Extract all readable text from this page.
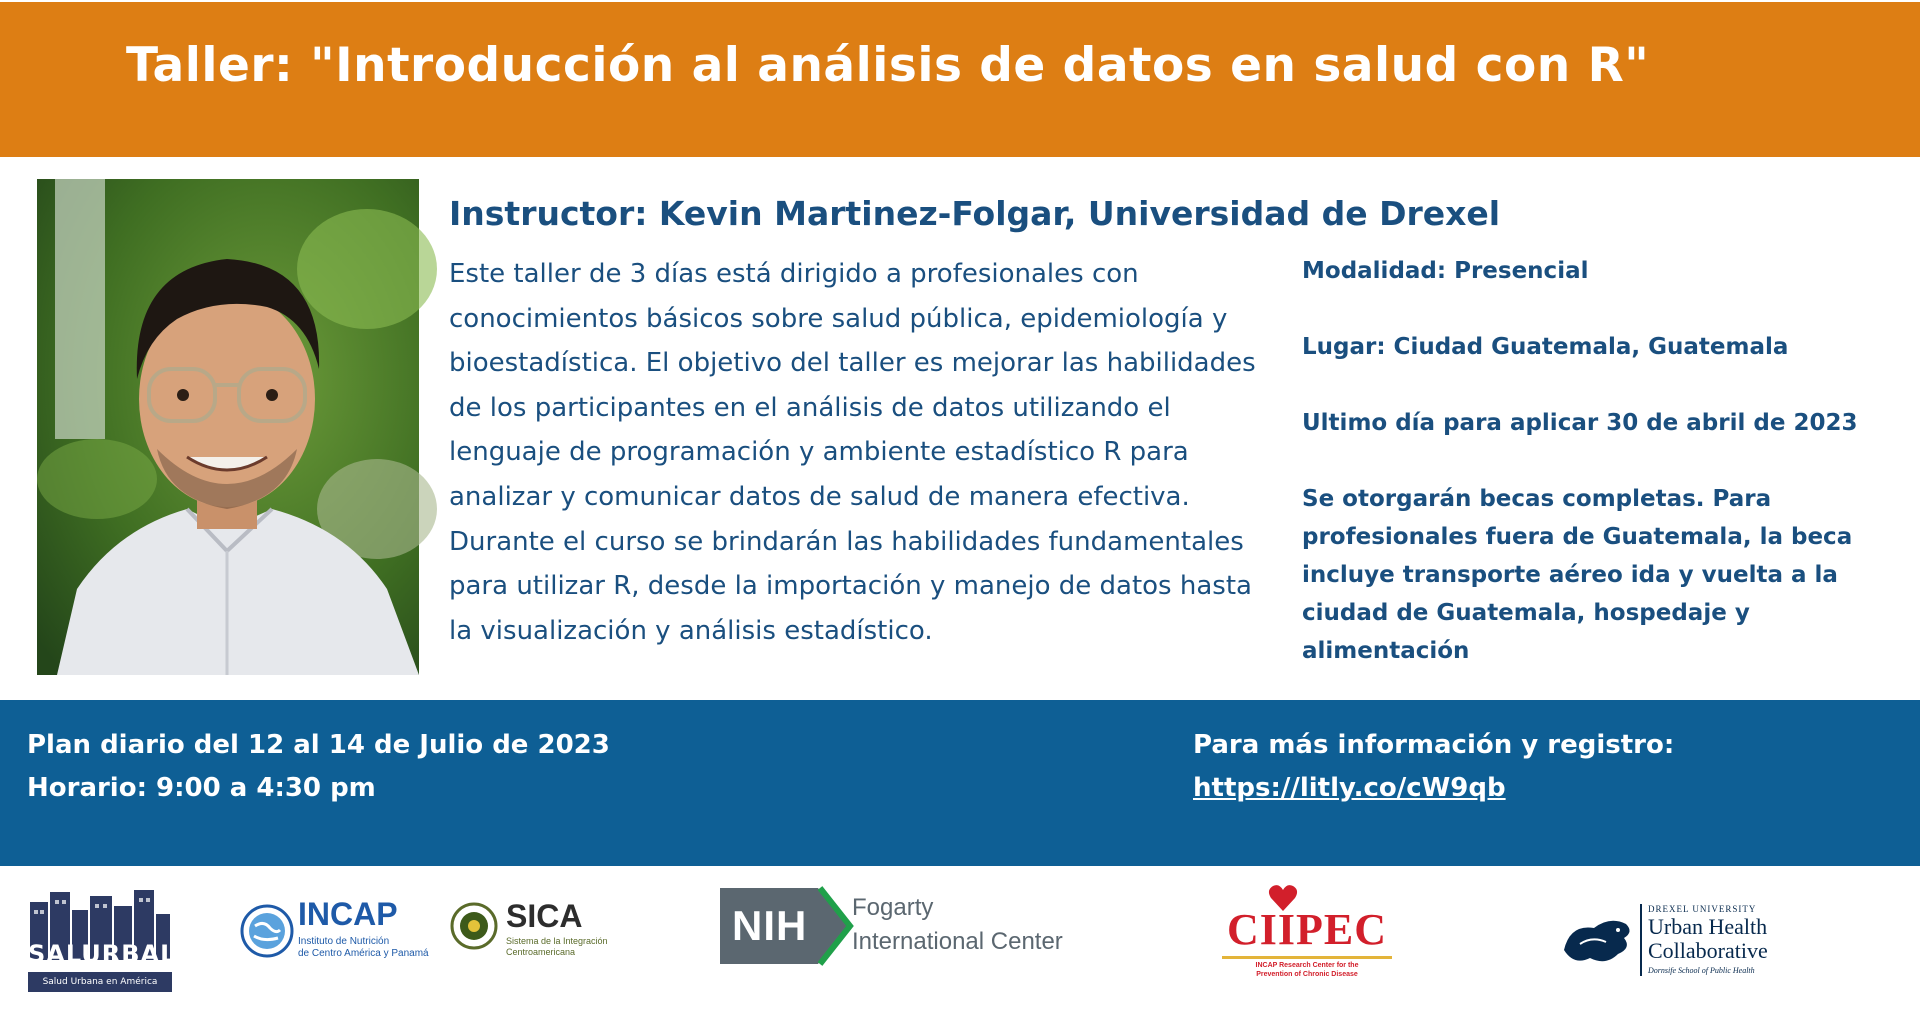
Taller: "Introducción al análisis de datos en salud con R"
Instructor: Kevin Martinez-Folgar, Universidad de Drexel
Este taller de 3 días está dirigido a profesionales con conocimientos básicos sobre salud pública, epidemiología y bioestadística. El objetivo del taller es mejorar las habilidades de los participantes en el análisis de datos utilizando el lenguaje de programación y ambiente estadístico R para analizar y comunicar datos de salud de manera efectiva. Durante el curso se brindarán las habilidades fundamentales para utilizar R, desde la importación y manejo de datos hasta la visualización y análisis estadístico.
Modalidad: Presencial
Lugar: Ciudad Guatemala, Guatemala
Ultimo día para aplicar 30 de abril de 2023
Se otorgarán becas completas. Para profesionales fuera de Guatemala, la beca incluye transporte aéreo ida y vuelta a la ciudad de Guatemala, hospedaje y alimentación
Plan diario del 12 al 14 de Julio de 2023
Horario: 9:00 a 4:30 pm
Para más información y registro:
https://litly.co/cW9qb
SALURBAL
Salud Urbana en América Latina
INCAP
Instituto de Nutrición
de Centro América y Panamá
SICA
Sistema de la Integración
Centroamericana
NIH Fogarty
International Center	CIIPEC
INCAP Research Center for the
Prevention of Chronic Disease
DREXEL UNIVERSITY
Urban Health
Collaborative
Dornsife School of Public Health
